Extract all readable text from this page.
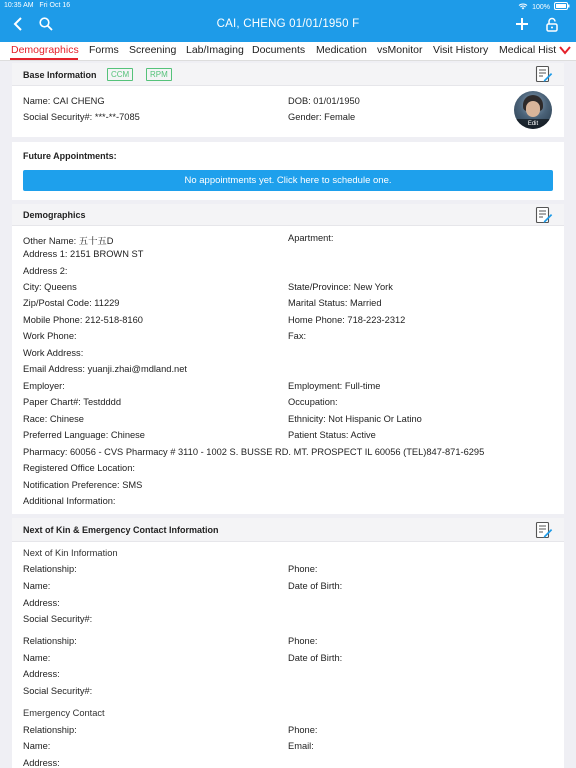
10:35 AM Fri Oct 16	100%
CAI, CHENG 01/01/1950 F
Demographics Forms Screening Lab/Imaging Documents Medication vsMonitor Visit History Medical Hist
Base Information	CCM	RPM
Name: CAI CHENG	DOB: 01/01/1950
Social Security#: ***-**-7085	Gender: Female
Edit
Future Appointments:
No appointments yet. Click here to schedule one.
Demographics
Other Name: 五十五D	Apartment:
Address 1: 2151 BROWN ST
Address 2:
City: Queens	State/Province: New York
Zip/Postal Code: 11229	Marital Status: Married
Mobile Phone: 212-518-8160	Home Phone: 718-223-2312
Work Phone:	Fax:
Work Address:
Email Address: yuanji.zhai@mdland.net
Employer:	Employment: Full-time
Paper Chart#: Testdddd	Occupation:
Race: Chinese	Ethnicity: Not Hispanic Or Latino
Preferred Language: Chinese	Patient Status: Active
Pharmacy: 60056 - CVS Pharmacy # 3110 - 1002 S. BUSSE RD. MT. PROSPECT IL 60056 (TEL)847-871-6295
Registered Office Location:
Notification Preference: SMS
Additional Information:
Next of Kin & Emergency Contact Information
Next of Kin Information
Relationship:	Phone:
Name:	Date of Birth:
Address:
Social Security#:
Relationship:	Phone:
Name:	Date of Birth:
Address:
Social Security#:
Emergency Contact
Relationship:	Phone:
Name:	Email:
Address:
